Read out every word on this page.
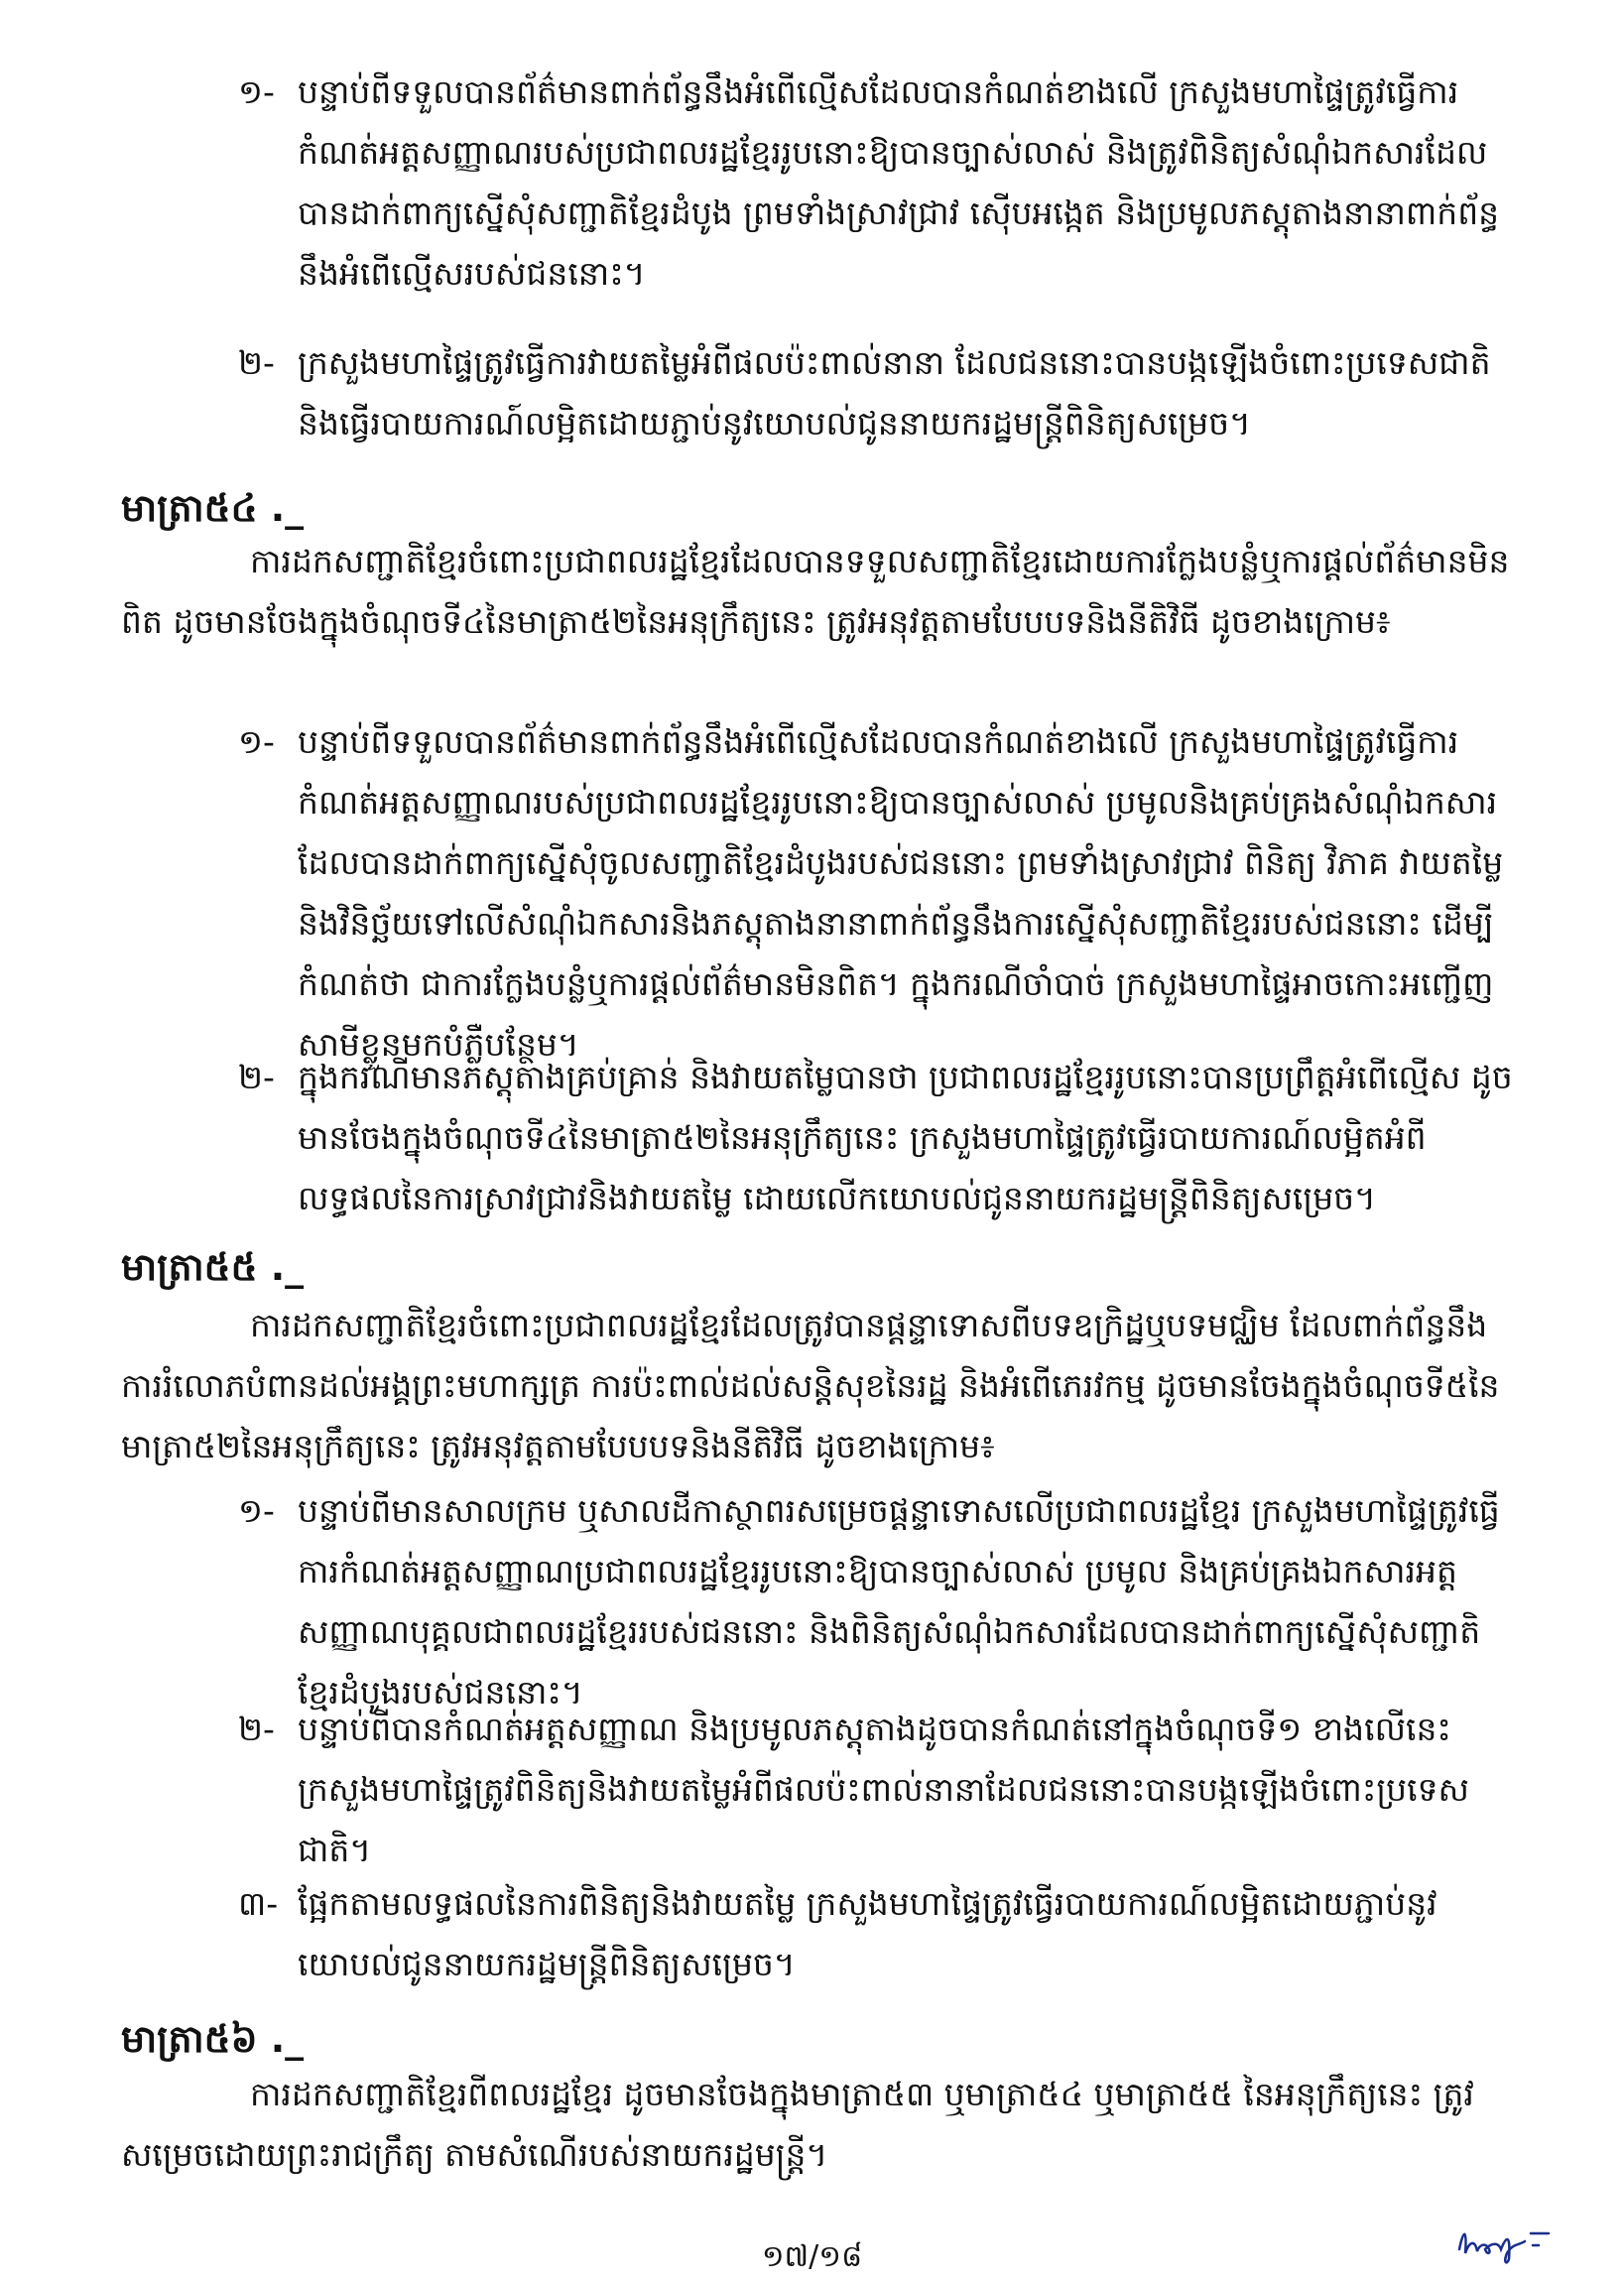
១- បន្ទាប់ពីទទួលបានព័ត៌មានពាក់ព័ន្ធនឹងអំពើល្មើសដែលបានកំណត់ខាងលើ ក្រសួងមហាផ្ទៃត្រូវធ្វើការកំណត់អត្តសញ្ញាណរបស់ប្រជាពលរដ្ឋខ្មែររូបនោះឱ្យបានច្បាស់លាស់ និងត្រូវពិនិត្យសំណុំឯកសារដែលបានដាក់ពាក្យស្នើសុំសញ្ជាតិខ្មែរដំបូង ព្រមទាំងស្រាវជ្រាវ ស៊ើបអង្កេត និងប្រមូលភស្តុតាងនានាពាក់ព័ន្ធនឹងអំពើល្មើសរបស់ជននោះ។
២- ក្រសួងមហាផ្ទៃត្រូវធ្វើការវាយតម្លៃអំពីផលប៉ះពាល់នានា ដែលជននោះបានបង្កឡើងចំពោះប្រទេសជាតិ និងធ្វើរបាយការណ៍លម្អិតដោយភ្ជាប់នូវយោបល់ជូននាយករដ្ឋមន្ត្រីពិនិត្យសម្រេច។
មាត្រា៥៤ ._
ការដកសញ្ជាតិខ្មែរចំពោះប្រជាពលរដ្ឋខ្មែរដែលបានទទួលសញ្ជាតិខ្មែរដោយការក្លែងបន្លំឬការផ្តល់ព័ត៌មានមិនពិត ដូចមានចែងក្នុងចំណុចទី៤នៃមាត្រា៥២នៃអនុក្រឹត្យនេះ ត្រូវអនុវត្តតាមបែបបទនិងនីតិវិធី ដូចខាងក្រោម៖
១- បន្ទាប់ពីទទួលបានព័ត៌មានពាក់ព័ន្ធនឹងអំពើល្មើសដែលបានកំណត់ខាងលើ ក្រសួងមហាផ្ទៃត្រូវធ្វើការកំណត់អត្តសញ្ញាណរបស់ប្រជាពលរដ្ឋខ្មែររូបនោះឱ្យបានច្បាស់លាស់ ប្រមូលនិងគ្រប់គ្រងសំណុំឯកសារដែលបានដាក់ពាក្យស្នើសុំចូលសញ្ជាតិខ្មែរដំបូងរបស់ជននោះ ព្រមទាំងស្រាវជ្រាវ ពិនិត្យ វិភាគ វាយតម្លៃ និងវិនិច្ឆ័យទៅលើសំណុំឯកសារនិងភស្តុតាងនានាពាក់ព័ន្ធនឹងការស្នើសុំសញ្ជាតិខ្មែររបស់ជននោះ ដើម្បីកំណត់ថា ជាការក្លែងបន្លំឬការផ្តល់ព័ត៌មានមិនពិត។ ក្នុងករណីចាំបាច់ ក្រសួងមហាផ្ទៃអាចកោះអញ្ជើញសាមីខ្លួនមកបំភ្លឺបន្ថែម។
២- ក្នុងករណីមានភស្តុតាងគ្រប់គ្រាន់ និងវាយតម្លៃបានថា ប្រជាពលរដ្ឋខ្មែររូបនោះបានប្រព្រឹត្តអំពើល្មើស ដូចមានចែងក្នុងចំណុចទី៤នៃមាត្រា៥២នៃអនុក្រឹត្យនេះ ក្រសួងមហាផ្ទៃត្រូវធ្វើរបាយការណ៍លម្អិតអំពីលទ្ធផលនៃការស្រាវជ្រាវនិងវាយតម្លៃ ដោយលើកយោបល់ជូននាយករដ្ឋមន្ត្រីពិនិត្យសម្រេច។
មាត្រា៥៥ ._
ការដកសញ្ជាតិខ្មែរចំពោះប្រជាពលរដ្ឋខ្មែរដែលត្រូវបានផ្តន្ទាទោសពីបទឧក្រិដ្ឋឬបទមជ្ឈិម ដែលពាក់ព័ន្ធនឹងការរំលោភបំពានដល់អង្គព្រះមហាក្សត្រ ការប៉ះពាល់ដល់សន្តិសុខនៃរដ្ឋ និងអំពើភេរវកម្ម ដូចមានចែងក្នុងចំណុចទី៥នៃមាត្រា៥២នៃអនុក្រឹត្យនេះ ត្រូវអនុវត្តតាមបែបបទនិងនីតិវិធី ដូចខាងក្រោម៖
១- បន្ទាប់ពីមានសាលក្រម ឬសាលដីកាស្ថាពរសម្រេចផ្តន្ទាទោសលើប្រជាពលរដ្ឋខ្មែរ ក្រសួងមហាផ្ទៃត្រូវធ្វើការកំណត់អត្តសញ្ញាណប្រជាពលរដ្ឋខ្មែររូបនោះឱ្យបានច្បាស់លាស់ ប្រមូល និងគ្រប់គ្រងឯកសារអត្តសញ្ញាណបុគ្គលជាពលរដ្ឋខ្មែររបស់ជននោះ និងពិនិត្យសំណុំឯកសារដែលបានដាក់ពាក្យស្នើសុំសញ្ជាតិខ្មែរដំបូងរបស់ជននោះ។
២- បន្ទាប់ពីបានកំណត់អត្តសញ្ញាណ និងប្រមូលភស្តុតាងដូចបានកំណត់នៅក្នុងចំណុចទី១ ខាងលើនេះ ក្រសួងមហាផ្ទៃត្រូវពិនិត្យនិងវាយតម្លៃអំពីផលប៉ះពាល់នានាដែលជននោះបានបង្កឡើងចំពោះប្រទេសជាតិ។
៣- ផ្អែកតាមលទ្ធផលនៃការពិនិត្យនិងវាយតម្លៃ ក្រសួងមហាផ្ទៃត្រូវធ្វើរបាយការណ៍លម្អិតដោយភ្ជាប់នូវយោបល់ជូននាយករដ្ឋមន្ត្រីពិនិត្យសម្រេច។
មាត្រា៥៦ ._
ការដកសញ្ជាតិខ្មែរពីពលរដ្ឋខ្មែរ ដូចមានចែងក្នុងមាត្រា៥៣ ឬមាត្រា៥៤ ឬមាត្រា៥៥ នៃអនុក្រឹត្យនេះ ត្រូវសម្រេចដោយព្រះរាជក្រឹត្យ តាមសំណើរបស់នាយករដ្ឋមន្ត្រី។
១៧/១៨
